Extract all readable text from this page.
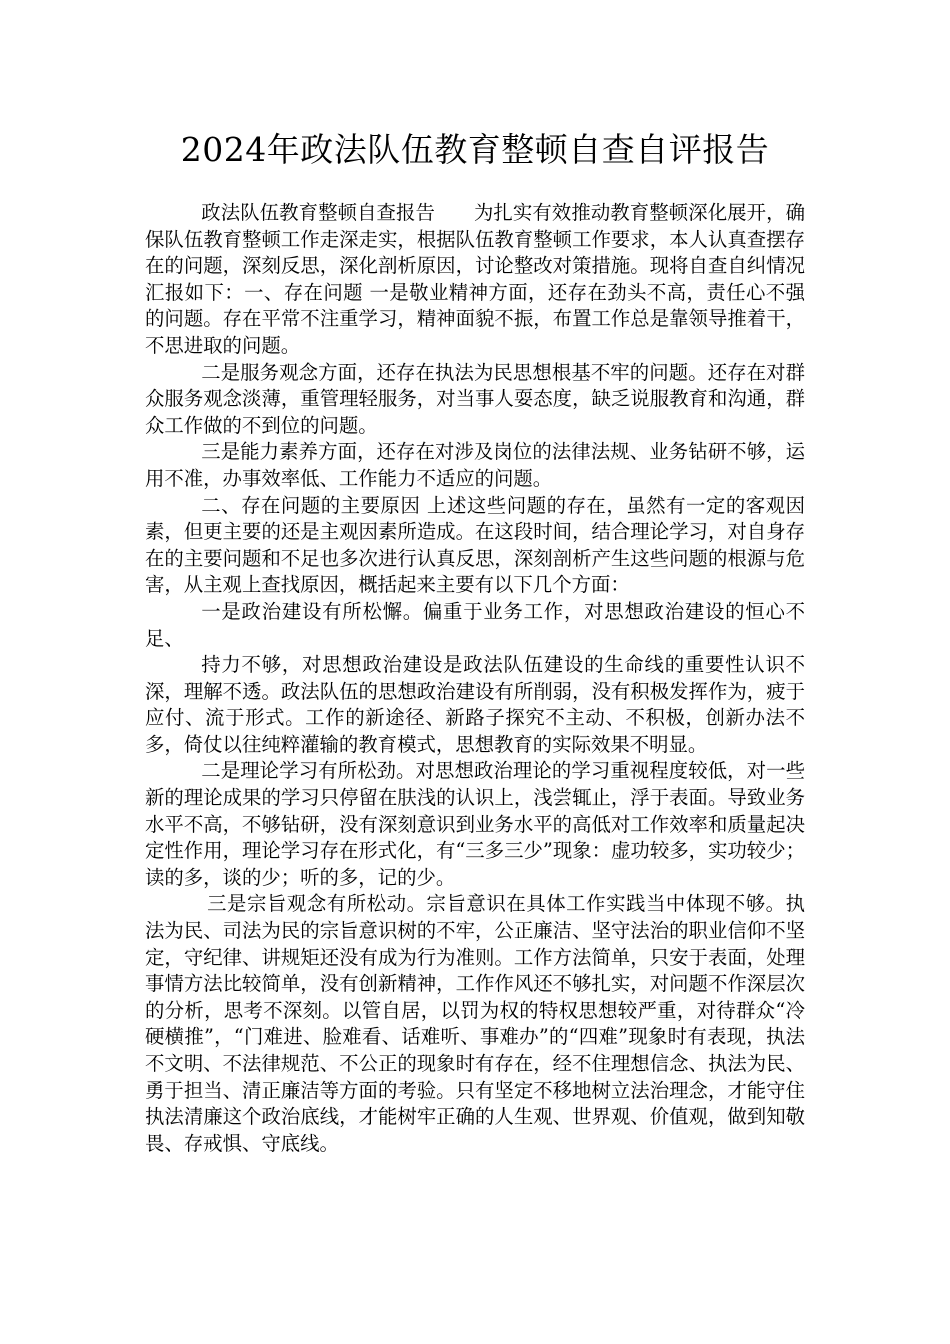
2024年政法队伍教育整顿自查自评报告

政法队伍教育整顿自查报告　　为扎实有效推动教育整顿深化展开，确保队伍教育整顿工作走深走实，根据队伍教育整顿工作要求，本人认真查摆存在的问题，深刻反思，深化剖析原因，讨论整改对策措施。现将自查自纠情况汇报如下：一、存在问题 一是敬业精神方面，还存在劲头不高，责任心不强的问题。存在平常不注重学习，精神面貌不振，布置工作总是靠领导推着干，不思进取的问题。

二是服务观念方面，还存在执法为民思想根基不牢的问题。还存在对群众服务观念淡薄，重管理轻服务，对当事人耍态度，缺乏说服教育和沟通，群众工作做的不到位的问题。

三是能力素养方面，还存在对涉及岗位的法律法规、业务钻研不够，运用不准，办事效率低、工作能力不适应的问题。

二、存在问题的主要原因 上述这些问题的存在，虽然有一定的客观因素，但更主要的还是主观因素所造成。在这段时间，结合理论学习，对自身存在的主要问题和不足也多次进行认真反思，深刻剖析产生这些问题的根源与危害，从主观上查找原因，概括起来主要有以下几个方面：

一是政治建设有所松懈。偏重于业务工作，对思想政治建设的恒心不足、

持力不够，对思想政治建设是政法队伍建设的生命线的重要性认识不深，理解不透。政法队伍的思想政治建设有所削弱，没有积极发挥作为，疲于应付、流于形式。工作的新途径、新路子探究不主动、不积极，创新办法不多，倚仗以往纯粹灌输的教育模式，思想教育的实际效果不明显。

二是理论学习有所松劲。对思想政治理论的学习重视程度较低，对一些新的理论成果的学习只停留在肤浅的认识上，浅尝辄止，浮于表面。导致业务水平不高，不够钻研，没有深刻意识到业务水平的高低对工作效率和质量起决定性作用，理论学习存在形式化，有“三多三少”现象：虚功较多，实功较少；读的多，谈的少；听的多，记的少。

三是宗旨观念有所松动。宗旨意识在具体工作实践当中体现不够。执法为民、司法为民的宗旨意识树的不牢，公正廉洁、坚守法治的职业信仰不坚定，守纪律、讲规矩还没有成为行为准则。工作方法简单，只安于表面，处理事情方法比较简单，没有创新精神，工作作风还不够扎实，对问题不作深层次的分析，思考不深刻。以管自居，以罚为权的特权思想较严重，对待群众“冷硬横推”，“门难进、脸难看、话难听、事难办”的“四难”现象时有表现，执法不文明、不法律规范、不公正的现象时有存在，经不住理想信念、执法为民、勇于担当、清正廉洁等方面的考验。只有坚定不移地树立法治理念，才能守住执法清廉这个政治底线，才能树牢正确的人生观、世界观、价值观，做到知敬畏、存戒惧、守底线。
